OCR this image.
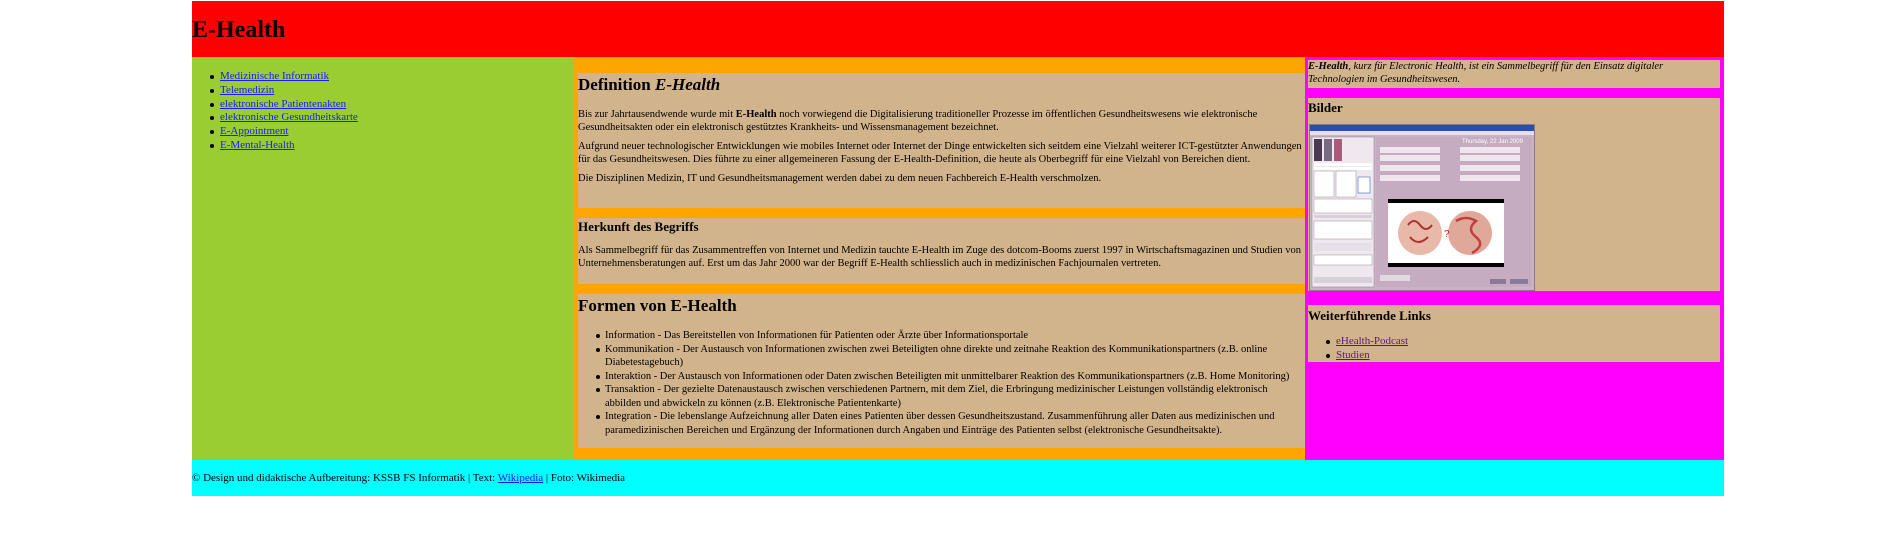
E-Health
Medizinische Informatik
Telemedizin
elektronische Patientenakten
elektronische Gesundheitskarte
E-Appointment
E-Mental-Health
Definition E-Health

Bis zur Jahrtausendwende wurde mit E-Health noch vorwiegend die Digitalisierung traditioneller Prozesse im öffentlichen Gesundheitswesens wie elektronische Gesundheitsakten oder ein elektronisch gestütztes Krankheits- und Wissensmanagement bezeichnet.

Aufgrund neuer technologischer Entwicklungen wie mobiles Internet oder Internet der Dinge entwickelten sich seitdem eine Vielzahl weiterer ICT-gestützter Anwendungen für das Gesundheitswesen. Dies führte zu einer allgemeineren Fassung der E-Health-Definition, die heute als Oberbegriff für eine Vielzahl von Bereichen dient.

Die Disziplinen Medizin, IT und Gesundheitsmanagement werden dabei zu dem neuen Fachbereich E-Health verschmolzen.

Herkunft des Begriffs

Als Sammelbegriff für das Zusammentreffen von Internet und Medizin tauchte E-Health im Zuge des dotcom-Booms zuerst 1997 in Wirtschaftsmagazinen und Studien von Unternehmensberatungen auf. Erst um das Jahr 2000 war der Begriff E-Health schliesslich auch in medizinischen Fachjournalen vertreten.

Formen von E-Health
Information - Das Bereitstellen von Informationen für Patienten oder Ärzte über Informationsportale
Kommunikation - Der Austausch von Informationen zwischen zwei Beteiligten ohne direkte und zeitnahe Reaktion des Kommunikationspartners (z.B. online Diabetestagebuch)
Interaktion - Der Austausch von Informationen oder Daten zwischen Beteiligten mit unmittelbarer Reaktion des Kommunikationspartners (z.B. Home Monitoring)
Transaktion - Der gezielte Datenaustausch zwischen verschiedenen Partnern, mit dem Ziel, die Erbringung medizinischer Leistungen vollständig elektronisch abbilden und abwickeln zu können (z.B. Elektronische Patientenkarte)
Integration - Die lebenslange Aufzeichnung aller Daten eines Patienten über dessen Gesundheitszustand. Zusammenführung aller Daten aus medizinischen und paramedizinischen Bereichen und Ergänzung der Informationen durch Angaben und Einträge des Patienten selbst (elektronische Gesundheitsakte).

E-Health, kurz für Electronic Health, ist ein Sammelbegriff für den Einsatz digitaler Technologien im Gesundheitswesen.

Bilder
Thursday, 22 Jan 2009
?
Weiterführende Links
eHealth-Podcast
Studien
© Design und didaktische Aufbereitung: KSSB FS Informatik | Text: Wikipedia | Foto: Wikimedia
